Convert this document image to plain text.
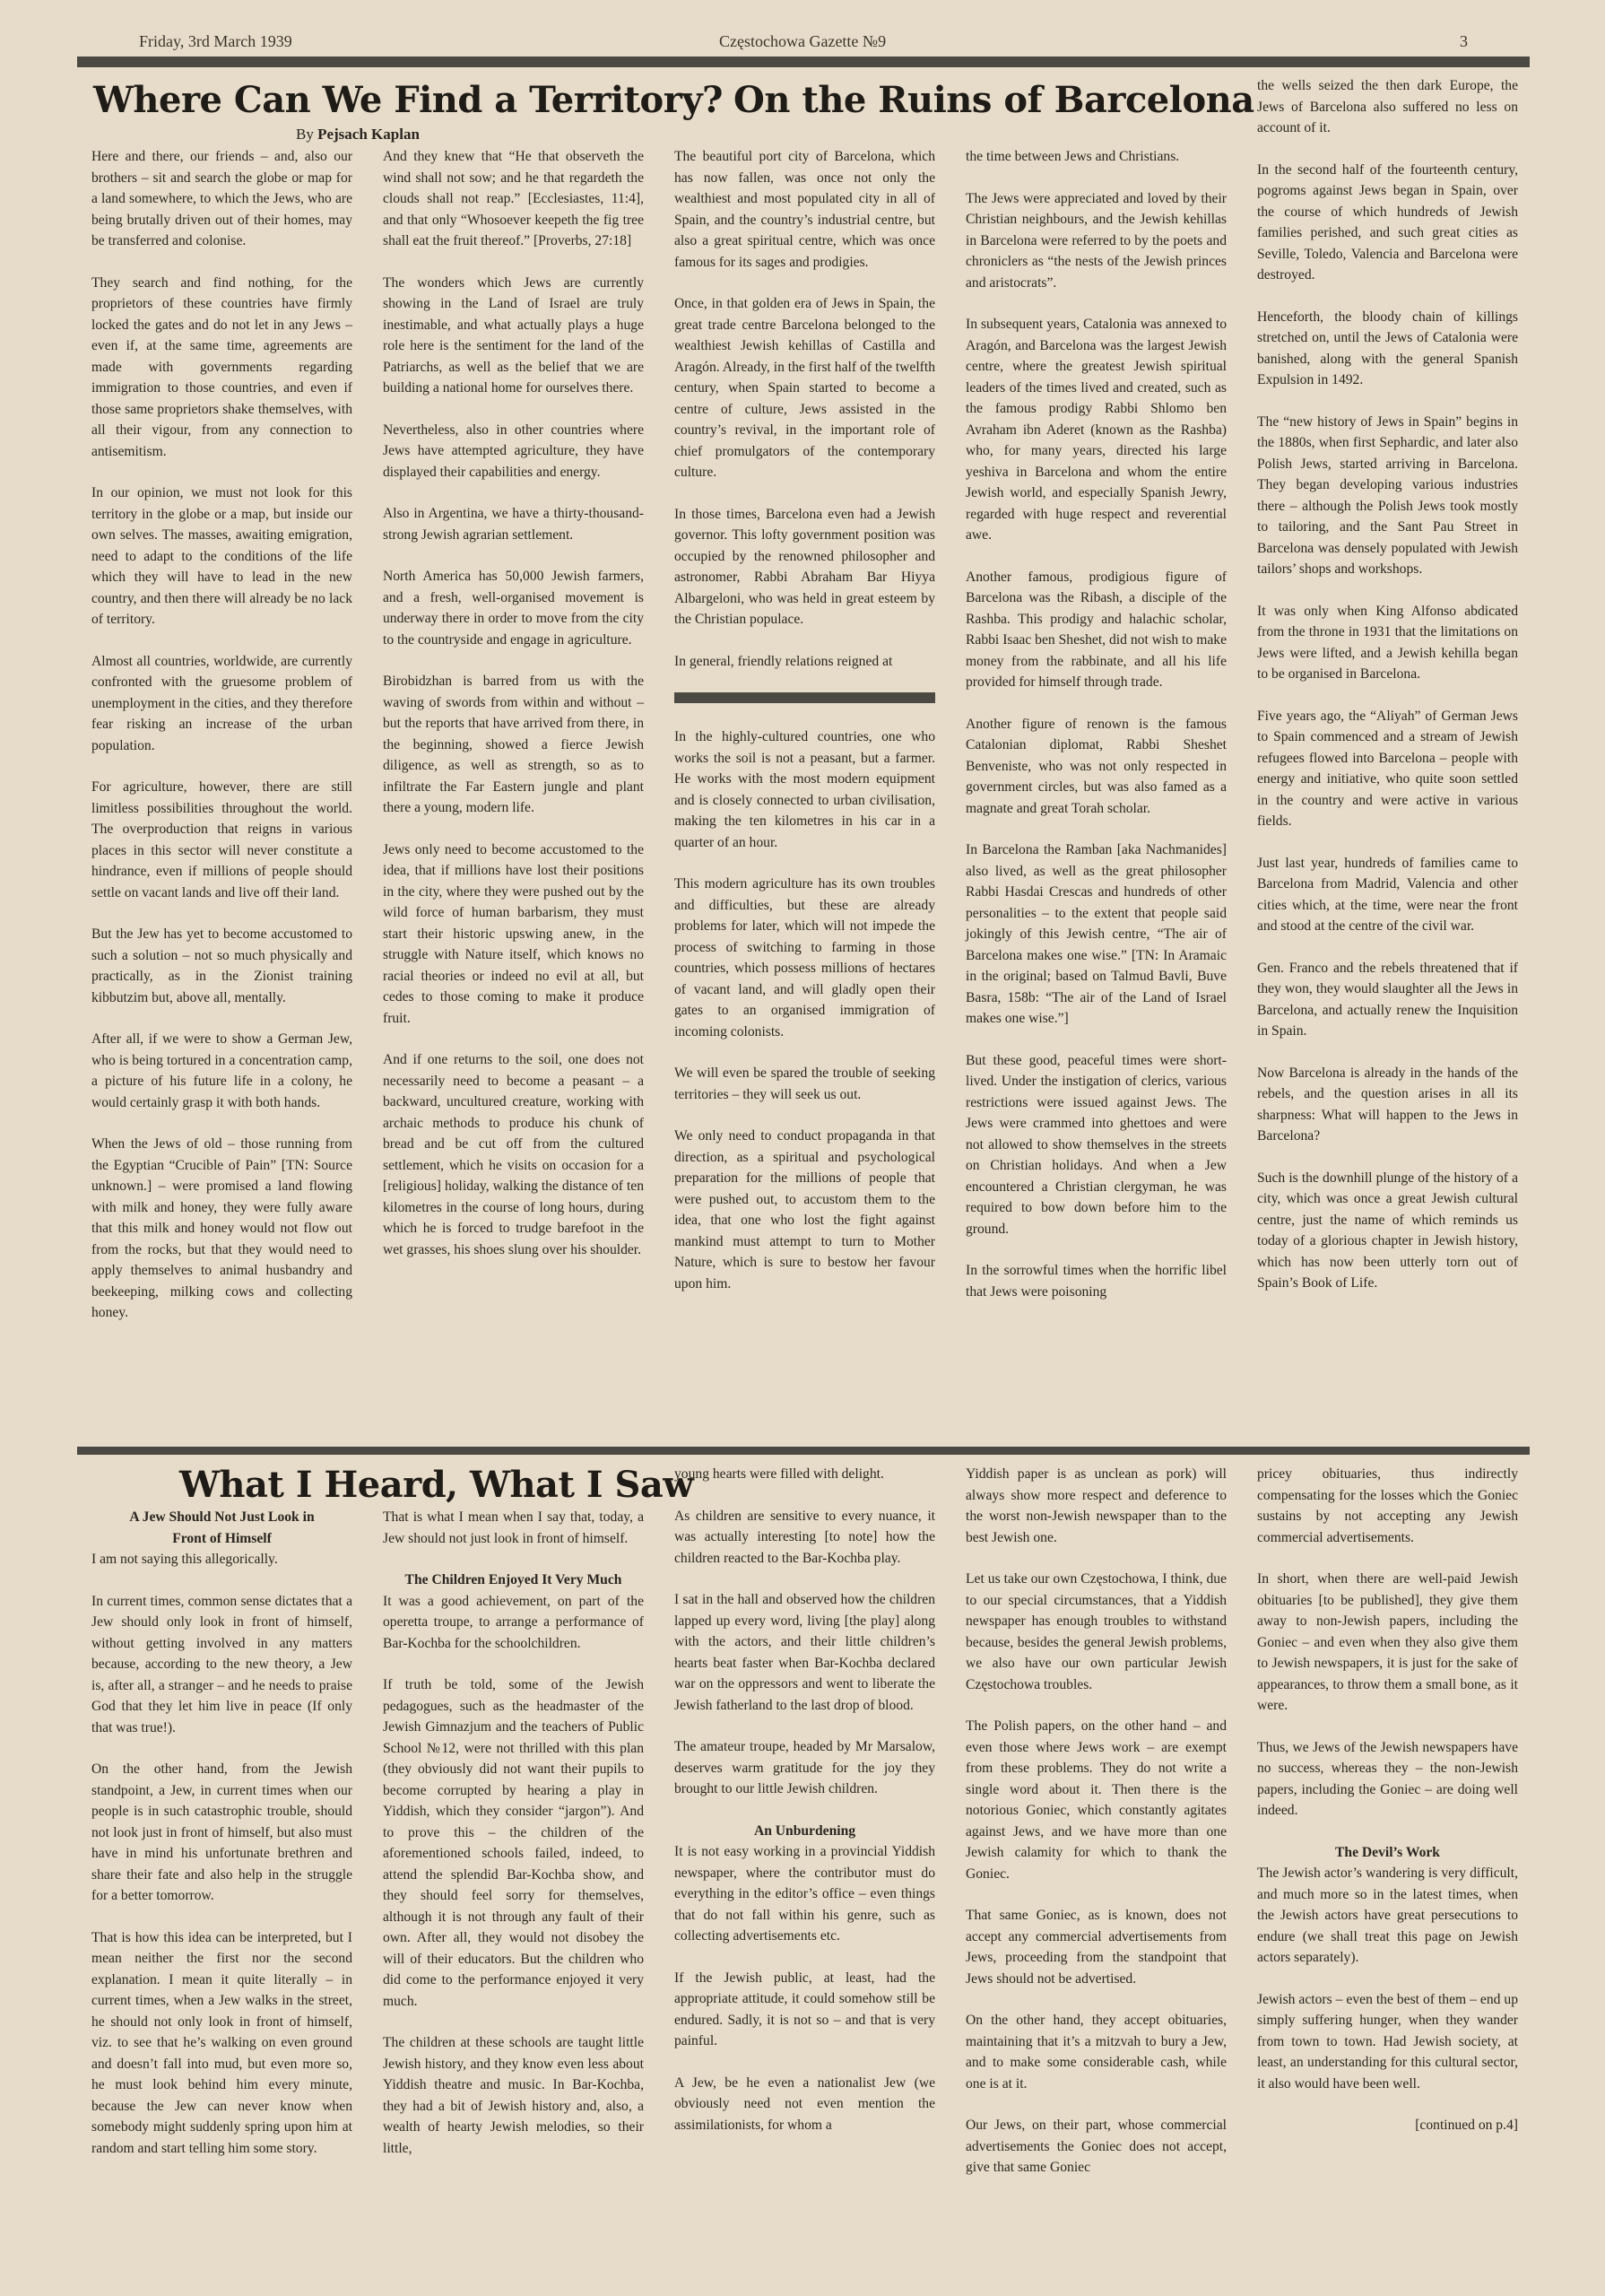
Friday, 3rd March 1939	Częstochowa Gazette №9	3
Where Can We Find a Territory?
By Pejsach Kaplan
On the Ruins of Barcelona

Here and there, our friends – and, also our brothers – sit and search the globe or map for a land somewhere, to which the Jews, who are being brutally driven out of their homes, may be transferred and colonise.

They search and find nothing, for the proprietors of these countries have firmly locked the gates and do not let in any Jews – even if, at the same time, agreements are made with governments regarding immigration to those countries, and even if those same proprietors shake themselves, with all their vigour, from any connection to antisemitism.

In our opinion, we must not look for this territory in the globe or a map, but inside our own selves. The masses, awaiting emigration, need to adapt to the conditions of the life which they will have to lead in the new country, and then there will already be no lack of territory.

Almost all countries, worldwide, are currently confronted with the gruesome problem of unemployment in the cities, and they therefore fear risking an increase of the urban population.

For agriculture, however, there are still limitless possibilities throughout the world. The overproduction that reigns in various places in this sector will never constitute a hindrance, even if millions of people should settle on vacant lands and live off their land.

But the Jew has yet to become accustomed to such a solution – not so much physically and practically, as in the Zionist training kibbutzim but, above all, mentally.

After all, if we were to show a German Jew, who is being tortured in a concentration camp, a picture of his future life in a colony, he would certainly grasp it with both hands.

When the Jews of old – those running from the Egyptian “Crucible of Pain” [TN: Source unknown.] – were promised a land flowing with milk and honey, they were fully aware that this milk and honey would not flow out from the rocks, but that they would need to apply themselves to animal husbandry and beekeeping, milking cows and collecting honey.

And they knew that “He that observeth the wind shall not sow; and he that regardeth the clouds shall not reap.” [Ecclesiastes, 11:4], and that only “Whosoever keepeth the fig tree shall eat the fruit thereof.” [Proverbs, 27:18]

The wonders which Jews are currently showing in the Land of Israel are truly inestimable, and what actually plays a huge role here is the sentiment for the land of the Patriarchs, as well as the belief that we are building a national home for ourselves there.

Nevertheless, also in other countries where Jews have attempted agriculture, they have displayed their capabilities and energy.

Also in Argentina, we have a thirty-thousand-strong Jewish agrarian settlement.

North America has 50,000 Jewish farmers, and a fresh, well-organised movement is underway there in order to move from the city to the countryside and engage in agriculture.

Birobidzhan is barred from us with the waving of swords from within and without – but the reports that have arrived from there, in the beginning, showed a fierce Jewish diligence, as well as strength, so as to infiltrate the Far Eastern jungle and plant there a young, modern life.

Jews only need to become accustomed to the idea, that if millions have lost their positions in the city, where they were pushed out by the wild force of human barbarism, they must start their historic upswing anew, in the struggle with Nature itself, which knows no racial theories or indeed no evil at all, but cedes to those coming to make it produce fruit.

And if one returns to the soil, one does not necessarily need to become a peasant – a backward, uncultured creature, working with archaic methods to produce his chunk of bread and be cut off from the cultured settlement, which he visits on occasion for a [religious] holiday, walking the distance of ten kilometres in the course of long hours, during which he is forced to trudge barefoot in the wet grasses, his shoes slung over his shoulder.

The beautiful port city of Barcelona, which has now fallen, was once not only the wealthiest and most populated city in all of Spain, and the country’s industrial centre, but also a great spiritual centre, which was once famous for its sages and prodigies.

Once, in that golden era of Jews in Spain, the great trade centre Barcelona belonged to the wealthiest Jewish kehillas of Castilla and Aragón. Already, in the first half of the twelfth century, when Spain started to become a centre of culture, Jews assisted in the country’s revival, in the important role of chief promulgators of the contemporary culture.

In those times, Barcelona even had a Jewish governor. This lofty government position was occupied by the renowned philosopher and astronomer, Rabbi Abraham Bar Hiyya Albargeloni, who was held in great esteem by the Christian populace.

In general, friendly relations reigned at

In the highly-cultured countries, one who works the soil is not a peasant, but a farmer. He works with the most modern equipment and is closely connected to urban civilisation, making the ten kilometres in his car in a quarter of an hour.

This modern agriculture has its own troubles and difficulties, but these are already problems for later, which will not impede the process of switching to farming in those countries, which possess millions of hectares of vacant land, and will gladly open their gates to an organised immigration of incoming colonists.

We will even be spared the trouble of seeking territories – they will seek us out.

We only need to conduct propaganda in that direction, as a spiritual and psychological preparation for the millions of people that were pushed out, to accustom them to the idea, that one who lost the fight against mankind must attempt to turn to Mother Nature, which is sure to bestow her favour upon him.

the time between Jews and Christians.

The Jews were appreciated and loved by their Christian neighbours, and the Jewish kehillas in Barcelona were referred to by the poets and chroniclers as “the nests of the Jewish princes and aristocrats”.

In subsequent years, Catalonia was annexed to Aragón, and Barcelona was the largest Jewish centre, where the greatest Jewish spiritual leaders of the times lived and created, such as the famous prodigy Rabbi Shlomo ben Avraham ibn Aderet (known as the Rashba) who, for many years, directed his large yeshiva in Barcelona and whom the entire Jewish world, and especially Spanish Jewry, regarded with huge respect and reverential awe.

Another famous, prodigious figure of Barcelona was the Ribash, a disciple of the Rashba. This prodigy and halachic scholar, Rabbi Isaac ben Sheshet, did not wish to make money from the rabbinate, and all his life provided for himself through trade.

Another figure of renown is the famous Catalonian diplomat, Rabbi Sheshet Benveniste, who was not only respected in government circles, but was also famed as a magnate and great Torah scholar.

In Barcelona the Ramban [aka Nachmanides] also lived, as well as the great philosopher Rabbi Hasdai Crescas and hundreds of other personalities – to the extent that people said jokingly of this Jewish centre, “The air of Barcelona makes one wise.” [TN: In Aramaic in the original; based on Talmud Bavli, Buve Basra, 158b: “The air of the Land of Israel makes one wise.”]

But these good, peaceful times were short-lived. Under the instigation of clerics, various restrictions were issued against Jews. The Jews were crammed into ghettoes and were not allowed to show themselves in the streets on Christian holidays. And when a Jew encountered a Christian clergyman, he was required to bow down before him to the ground.

In the sorrowful times when the horrific libel that Jews were poisoning

the wells seized the then dark Europe, the Jews of Barcelona also suffered no less on account of it.

In the second half of the fourteenth century, pogroms against Jews began in Spain, over the course of which hundreds of Jewish families perished, and such great cities as Seville, Toledo, Valencia and Barcelona were destroyed.

Henceforth, the bloody chain of killings stretched on, until the Jews of Catalonia were banished, along with the general Spanish Expulsion in 1492.

The “new history of Jews in Spain” begins in the 1880s, when first Sephardic, and later also Polish Jews, started arriving in Barcelona. They began developing various industries there – although the Polish Jews took mostly to tailoring, and the Sant Pau Street in Barcelona was densely populated with Jewish tailors’ shops and workshops.

It was only when King Alfonso abdicated from the throne in 1931 that the limitations on Jews were lifted, and a Jewish kehilla began to be organised in Barcelona.

Five years ago, the “Aliyah” of German Jews to Spain commenced and a stream of Jewish refugees flowed into Barcelona – people with energy and initiative, who quite soon settled in the country and were active in various fields.

Just last year, hundreds of families came to Barcelona from Madrid, Valencia and other cities which, at the time, were near the front and stood at the centre of the civil war.

Gen. Franco and the rebels threatened that if they won, they would slaughter all the Jews in Barcelona, and actually renew the Inquisition in Spain.

Now Barcelona is already in the hands of the rebels, and the question arises in all its sharpness: What will happen to the Jews in Barcelona?

Such is the downhill plunge of the history of a city, which was once a great Jewish cultural centre, just the name of which reminds us today of a glorious chapter in Jewish history, which has now been utterly torn out of Spain’s Book of Life.

What I Heard, What I Saw

A Jew Should Not Just Look in Front of Himself

I am not saying this allegorically.

In current times, common sense dictates that a Jew should only look in front of himself, without getting involved in any matters because, according to the new theory, a Jew is, after all, a stranger – and he needs to praise God that they let him live in peace (If only that was true!).

On the other hand, from the Jewish standpoint, a Jew, in current times when our people is in such catastrophic trouble, should not look just in front of himself, but also must have in mind his unfortunate brethren and share their fate and also help in the struggle for a better tomorrow.

That is how this idea can be interpreted, but I mean neither the first nor the second explanation. I mean it quite literally – in current times, when a Jew walks in the street, he should not only look in front of himself, viz. to see that he’s walking on even ground and doesn’t fall into mud, but even more so, he must look behind him every minute, because the Jew can never know when somebody might suddenly spring upon him at random and start telling him some story.

That is what I mean when I say that, today, a Jew should not just look in front of himself.

The Children Enjoyed It Very Much

It was a good achievement, on part of the operetta troupe, to arrange a performance of Bar-Kochba for the schoolchildren.

If truth be told, some of the Jewish pedagogues, such as the headmaster of the Jewish Gimnazjum and the teachers of Public School №12, were not thrilled with this plan (they obviously did not want their pupils to become corrupted by hearing a play in Yiddish, which they consider “jargon”). And to prove this – the children of the aforementioned schools failed, indeed, to attend the splendid Bar-Kochba show, and they should feel sorry for themselves, although it is not through any fault of their own. After all, they would not disobey the will of their educators. But the children who did come to the performance enjoyed it very much.

The children at these schools are taught little Jewish history, and they know even less about Yiddish theatre and music. In Bar-Kochba, they had a bit of Jewish history and, also, a wealth of hearty Jewish melodies, so their little,

young hearts were filled with delight.

As children are sensitive to every nuance, it was actually interesting [to note] how the children reacted to the Bar-Kochba play.

I sat in the hall and observed how the children lapped up every word, living [the play] along with the actors, and their little children’s hearts beat faster when Bar-Kochba declared war on the oppressors and went to liberate the Jewish fatherland to the last drop of blood.

The amateur troupe, headed by Mr Marsalow, deserves warm gratitude for the joy they brought to our little Jewish children.

An Unburdening

It is not easy working in a provincial Yiddish newspaper, where the contributor must do everything in the editor’s office – even things that do not fall within his genre, such as collecting advertisements etc.

If the Jewish public, at least, had the appropriate attitude, it could somehow still be endured. Sadly, it is not so – and that is very painful.

A Jew, be he even a nationalist Jew (we obviously need not even mention the assimilationists, for whom a

Yiddish paper is as unclean as pork) will always show more respect and deference to the worst non-Jewish newspaper than to the best Jewish one.

Let us take our own Częstochowa, I think, due to our special circumstances, that a Yiddish newspaper has enough troubles to withstand because, besides the general Jewish problems, we also have our own particular Jewish Częstochowa troubles.

The Polish papers, on the other hand – and even those where Jews work – are exempt from these problems. They do not write a single word about it. Then there is the notorious Goniec, which constantly agitates against Jews, and we have more than one Jewish calamity for which to thank the Goniec.

That same Goniec, as is known, does not accept any commercial advertisements from Jews, proceeding from the standpoint that Jews should not be advertised.

On the other hand, they accept obituaries, maintaining that it’s a mitzvah to bury a Jew, and to make some considerable cash, while one is at it.

Our Jews, on their part, whose commercial advertisements the Goniec does not accept, give that same Goniec

pricey obituaries, thus indirectly compensating for the losses which the Goniec sustains by not accepting any Jewish commercial advertisements.

In short, when there are well-paid Jewish obituaries [to be published], they give them away to non-Jewish papers, including the Goniec – and even when they also give them to Jewish newspapers, it is just for the sake of appearances, to throw them a small bone, as it were.

Thus, we Jews of the Jewish newspapers have no success, whereas they – the non-Jewish papers, including the Goniec – are doing well indeed.

The Devil’s Work

The Jewish actor’s wandering is very difficult, and much more so in the latest times, when the Jewish actors have great persecutions to endure (we shall treat this page on Jewish actors separately).

Jewish actors – even the best of them – end up simply suffering hunger, when they wander from town to town. Had Jewish society, at least, an understanding for this cultural sector, it also would have been well.

[continued on p.4]
